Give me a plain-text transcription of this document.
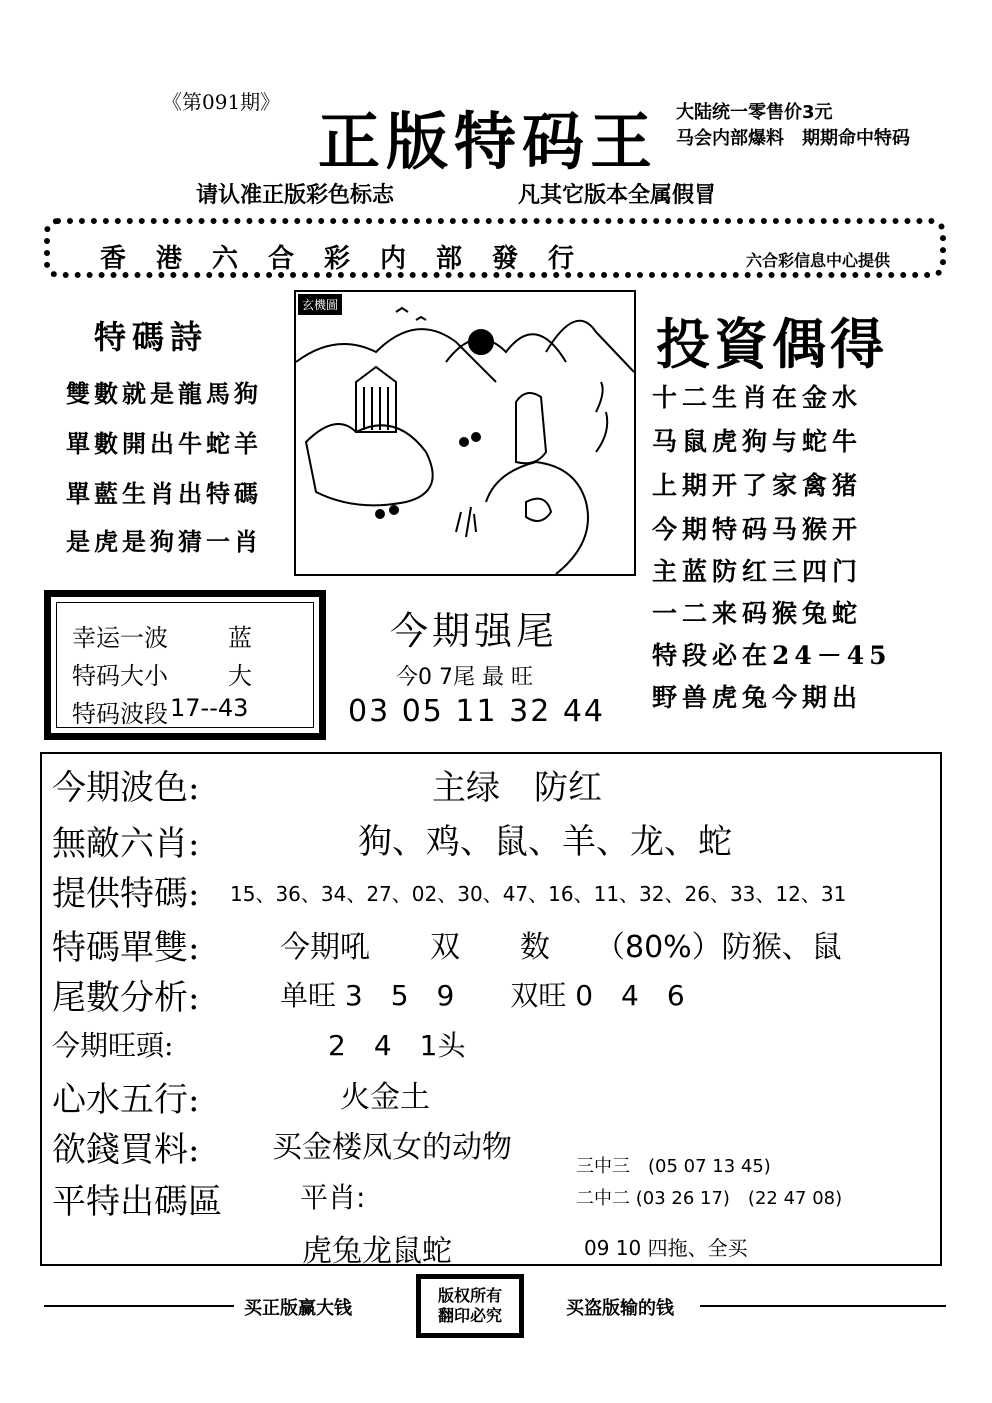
《第091期》
正版特码王 大陆统一零售价3元
马会内部爆料　期期命中特码
请认准正版彩色标志	凡其它版本全属假冒
香港六合彩内部發行	六合彩信息中心提供
特碼詩
雙數就是龍馬狗
單數開出牛蛇羊
單藍生肖出特碼
是虎是狗猜一肖
玄機圖
投資偶得
十二生肖在金水
马鼠虎狗与蛇牛
上期开了家禽猪
今期特码马猴开
主蓝防红三四门
一二来码猴兔蛇
特段必在24－45
野兽虎兔今期出
幸运一波	蓝
特码大小	大
特码波段 17--43
今期强尾
今0 7尾 最 旺
03 05 11 32 44
今期波色:	主绿　防红
無敵六肖:	狗、鸡、鼠、羊、龙、蛇
提供特碼: 15、36、34、27、02、30、47、16、11、32、26、33、12、31
特碼單雙:	今期吼　　双　　数　　（80%）防猴、鼠
尾數分析:	单旺 3　5　9　　双旺 0　4　6
今期旺頭:	2　4　1头
心水五行:	火金土
欲錢買料: 买金楼凤女的动物
平特出碼區	平肖:
虎兔龙鼠蛇
三中三　(05 07 13 45)
二中二 (03 26 17)　(22 47 08)
09 10 四拖、全买
买正版赢大钱
版权所有
翻印必究	买盗版输的钱
